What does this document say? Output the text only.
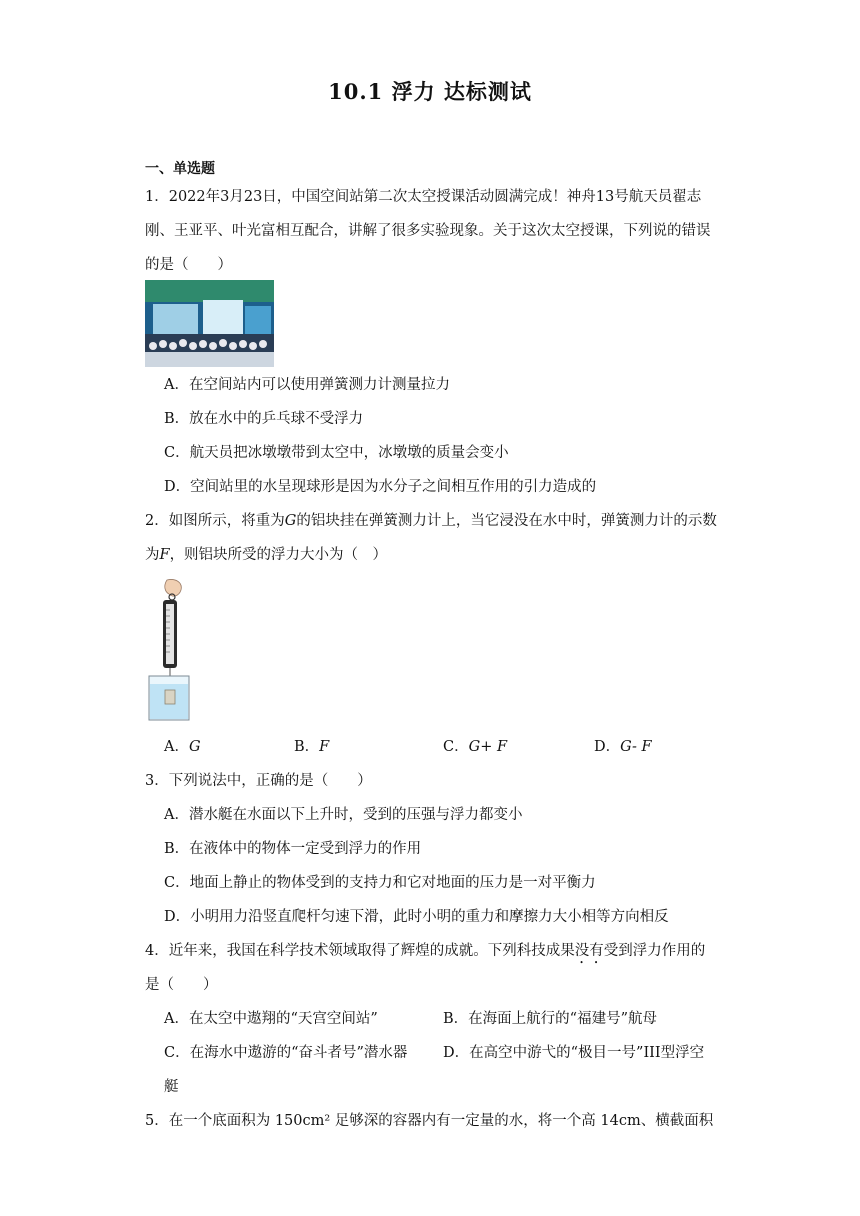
10.1 浮力 达标测试
一、单选题
1．2022年3月23日，中国空间站第二次太空授课活动圆满完成！神舟13号航天员翟志刚、王亚平、叶光富相互配合，讲解了很多实验现象。关于这次太空授课，下列说的错误的是（　　）
A．在空间站内可以使用弹簧测力计测量拉力
B．放在水中的乒乓球不受浮力
C．航天员把冰墩墩带到太空中，冰墩墩的质量会变小
D．空间站里的水呈现球形是因为水分子之间相互作用的引力造成的
2．如图所示，将重为G的铝块挂在弹簧测力计上，当它浸没在水中时，弹簧测力计的示数为F，则铝块所受的浮力大小为（　）
A．G	B．F	C．G+ F	D．G- F
3．下列说法中，正确的是（　　）
A．潜水艇在水面以下上升时，受到的压强与浮力都变小
B．在液体中的物体一定受到浮力的作用
C．地面上静止的物体受到的支持力和它对地面的压力是一对平衡力
D．小明用力沿竖直爬杆匀速下滑，此时小明的重力和摩擦力大小相等方向相反
4．近年来，我国在科学技术领域取得了辉煌的成就。下列科技成果没有受到浮力作用的是（　　）
A．在太空中遨翔的“天宫空间站”	B．在海面上航行的“福建号”航母
C．在海水中遨游的“奋斗者号”潜水器	D．在高空中游弋的“极目一号”III型浮空艇
5．在一个底面积为 150cm² 足够深的容器内有一定量的水，将一个高 14cm、横截面积
